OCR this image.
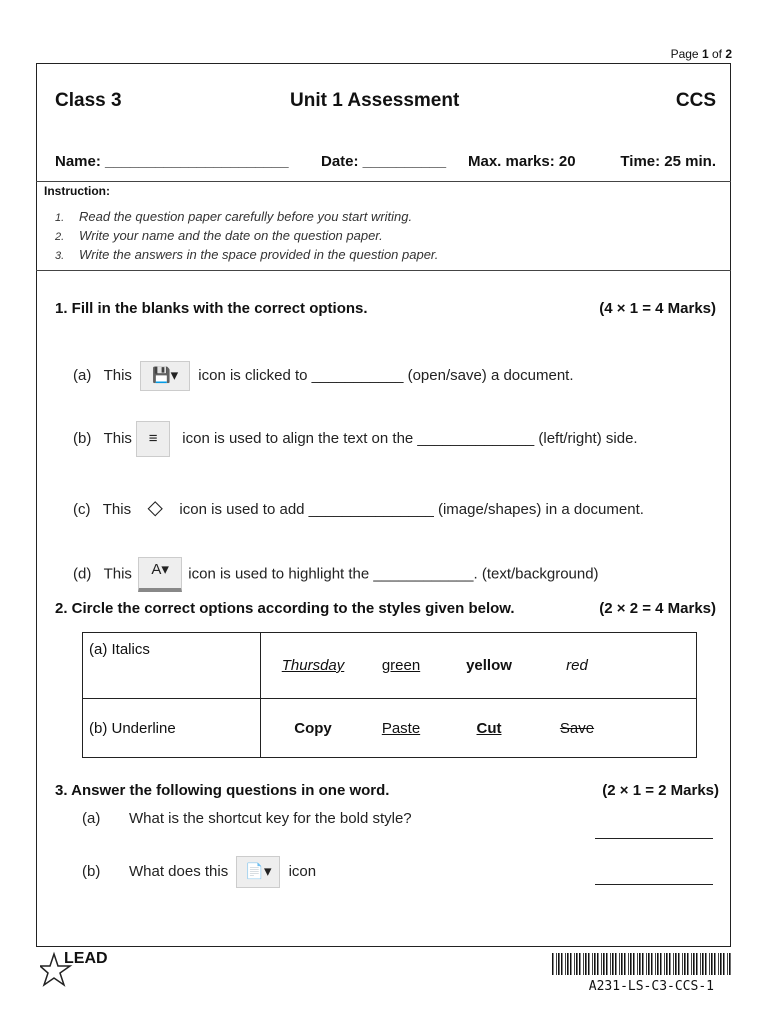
Page 1 of 2
Class 3	Unit 1 Assessment	CCS
Name: ______________________ Date: __________ Max. marks: 20	Time: 25 min.
Instruction:
1. Read the question paper carefully before you start writing.
2. Write your name and the date on the question paper.
3. Write the answers in the space provided in the question paper.
1. Fill in the blanks with the correct options.	(4 × 1 = 4 Marks)
(a) This 💾▾ icon is clicked to ___________ (open/save) a document.
(b) This ≡ icon is used to align the text on the ______________ (left/right) side.
(c) This ◇ icon is used to add _______________ (image/shapes) in a document.
(d) This A▾ icon is used to highlight the ____________. (text/background)
2. Circle the correct options according to the styles given below.	(2 × 2 = 4 Marks)
(a) Italics	Thursday green yellow red
(b) Underline	Copy Paste Cut Save
3. Answer the following questions in one word.	(2 × 1 = 2 Marks)
(a) What is the shortcut key for the bold style?
(b) What does this 📄▾ icon
LEAD
A231-LS-C3-CCS-1
